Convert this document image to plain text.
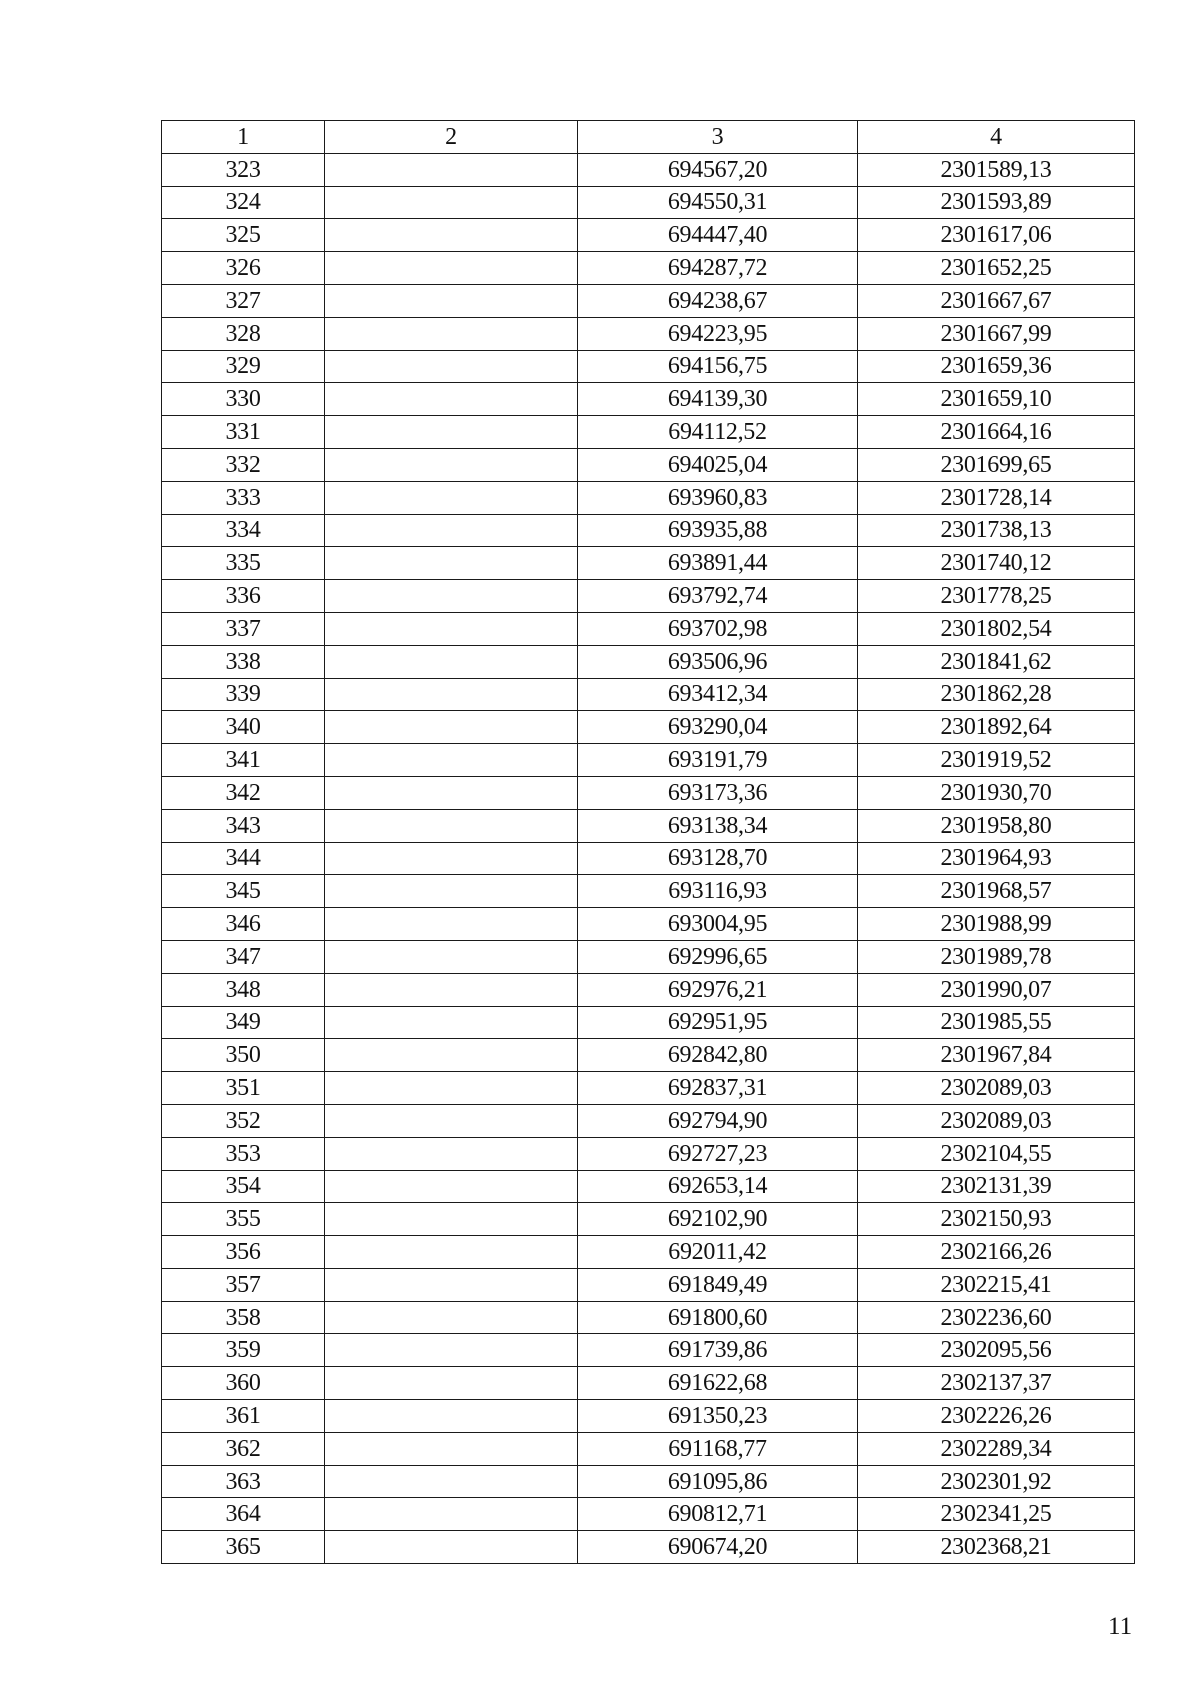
1	2	3	4
323		694567,20	2301589,13
324		694550,31	2301593,89
325		694447,40	2301617,06
326		694287,72	2301652,25
327		694238,67	2301667,67
328		694223,95	2301667,99
329		694156,75	2301659,36
330		694139,30	2301659,10
331		694112,52	2301664,16
332		694025,04	2301699,65
333		693960,83	2301728,14
334		693935,88	2301738,13
335		693891,44	2301740,12
336		693792,74	2301778,25
337		693702,98	2301802,54
338		693506,96	2301841,62
339		693412,34	2301862,28
340		693290,04	2301892,64
341		693191,79	2301919,52
342		693173,36	2301930,70
343		693138,34	2301958,80
344		693128,70	2301964,93
345		693116,93	2301968,57
346		693004,95	2301988,99
347		692996,65	2301989,78
348		692976,21	2301990,07
349		692951,95	2301985,55
350		692842,80	2301967,84
351		692837,31	2302089,03
352		692794,90	2302089,03
353		692727,23	2302104,55
354		692653,14	2302131,39
355		692102,90	2302150,93
356		692011,42	2302166,26
357		691849,49	2302215,41
358		691800,60	2302236,60
359		691739,86	2302095,56
360		691622,68	2302137,37
361		691350,23	2302226,26
362		691168,77	2302289,34
363		691095,86	2302301,92
364		690812,71	2302341,25
365		690674,20	2302368,21
11
